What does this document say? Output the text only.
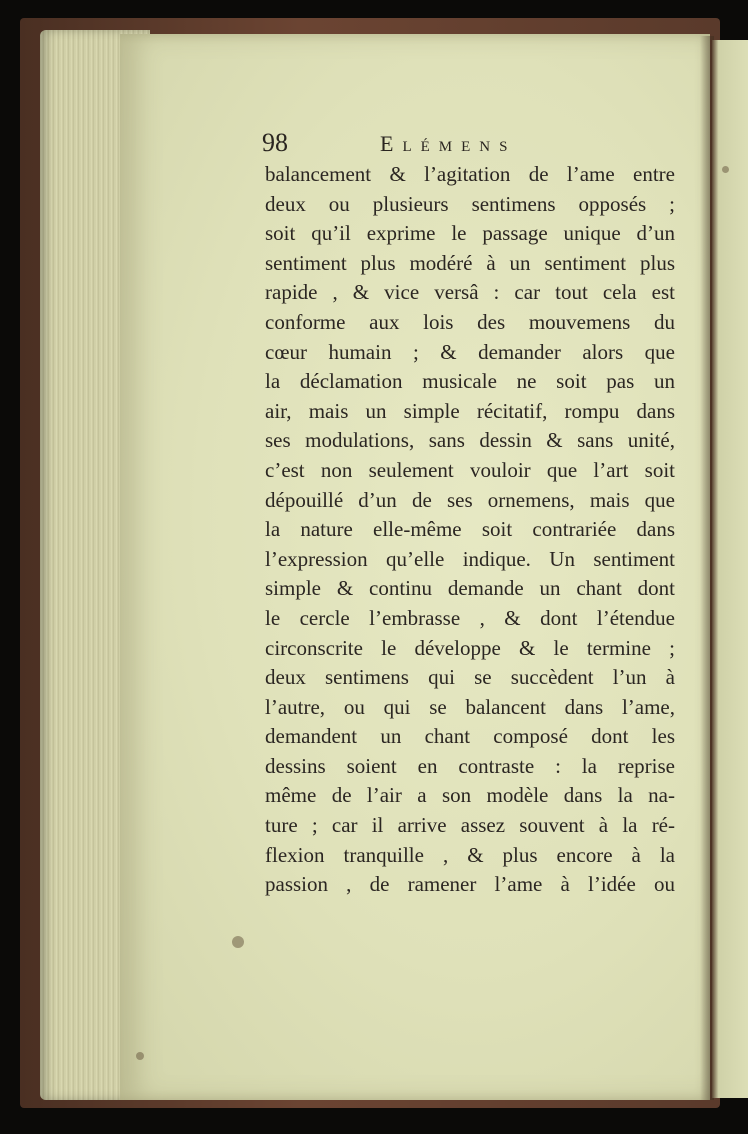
98	Elémens
balancement & l’agitation de l’ame entre
deux ou plusieurs sentimens opposés ;
soit qu’il exprime le passage unique d’un
sentiment plus modéré à un sentiment plus
rapide , & vice versâ : car tout cela est
conforme aux lois des mouvemens du
cœur humain ; & demander alors que
la déclamation musicale ne soit pas un
air, mais un simple récitatif, rompu dans
ses modulations, sans dessin & sans unité,
c’est non seulement vouloir que l’art soit
dépouillé d’un de ses ornemens, mais que
la nature elle-même soit contrariée dans
l’expression qu’elle indique. Un sentiment
simple & continu demande un chant dont
le cercle l’embrasse , & dont l’étendue
circonscrite le développe & le termine ;
deux sentimens qui se succèdent l’un à
l’autre, ou qui se balancent dans l’ame,
demandent un chant composé dont les
dessins soient en contraste : la reprise
même de l’air a son modèle dans la na-
ture ; car il arrive assez souvent à la ré-
flexion tranquille , & plus encore à la
passion , de ramener l’ame à l’idée ou
